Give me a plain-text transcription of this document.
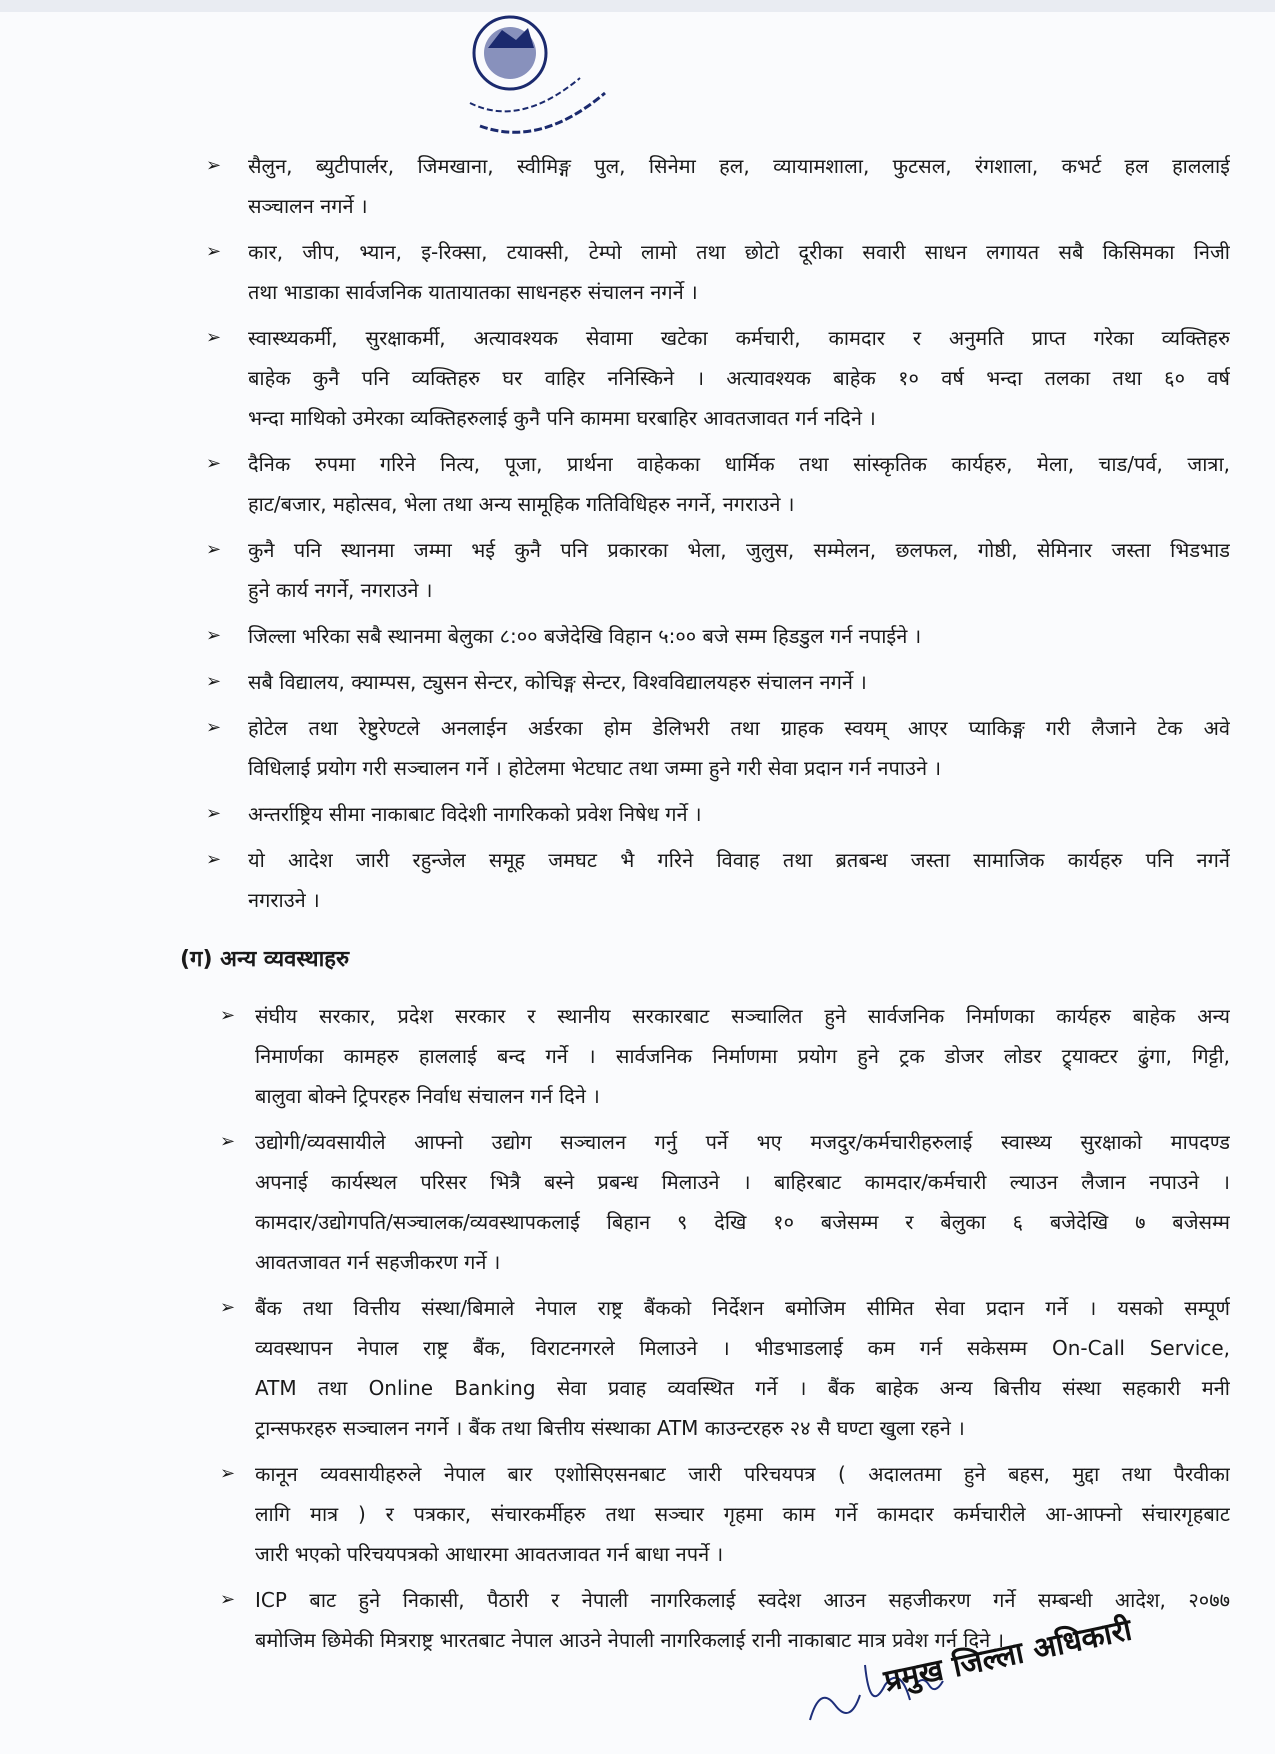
➢ सैलुन, ब्युटीपार्लर, जिमखाना, स्वीमिङ्ग पुल, सिनेमा हल, व्यायामशाला, फुटसल, रंगशाला, कभर्ट हल हाललाई
सञ्चालन नगर्ने ।
➢ कार, जीप, भ्यान, इ-रिक्सा, टयाक्सी, टेम्पो लामो तथा छोटो दूरीका सवारी साधन लगायत सबै किसिमका निजी
तथा भाडाका सार्वजनिक यातायातका साधनहरु संचालन नगर्ने ।
➢ स्वास्थ्यकर्मी, सुरक्षाकर्मी, अत्यावश्यक सेवामा खटेका कर्मचारी, कामदार र अनुमति प्राप्त गरेका व्यक्तिहरु
बाहेक कुनै पनि व्यक्तिहरु घर वाहिर ननिस्किने । अत्यावश्यक बाहेक १० वर्ष भन्दा तलका तथा ६० वर्ष
भन्दा माथिको उमेरका व्यक्तिहरुलाई कुनै पनि काममा घरबाहिर आवतजावत गर्न नदिने ।
➢ दैनिक रुपमा गरिने नित्य, पूजा, प्रार्थना वाहेकका धार्मिक तथा सांस्कृतिक कार्यहरु, मेला, चाड/पर्व, जात्रा,
हाट/बजार, महोत्सव, भेला तथा अन्य सामूहिक गतिविधिहरु नगर्ने, नगराउने ।
➢ कुनै पनि स्थानमा जम्मा भई कुनै पनि प्रकारका भेला, जुलुस, सम्मेलन, छलफल, गोष्ठी, सेमिनार जस्ता भिडभाड
हुने कार्य नगर्ने, नगराउने ।
➢ जिल्ला भरिका सबै स्थानमा बेलुका ८:०० बजेदेखि विहान ५:०० बजे सम्म हिडडुल गर्न नपाईने ।
➢ सबै विद्यालय, क्याम्पस, ट्युसन सेन्टर, कोचिङ्ग सेन्टर, विश्वविद्यालयहरु संचालन नगर्ने ।
➢ होटेल तथा रेष्टुरेण्टले अनलाईन अर्डरका होम डेलिभरी तथा ग्राहक स्वयम् आएर प्याकिङ्ग गरी लैजाने टेक अवे
विधिलाई प्रयोग गरी सञ्चालन गर्ने । होटेलमा भेटघाट तथा जम्मा हुने गरी सेवा प्रदान गर्न नपाउने ।
➢ अन्तर्राष्ट्रिय सीमा नाकाबाट विदेशी नागरिकको प्रवेश निषेध गर्ने ।
➢ यो आदेश जारी रहुन्जेल समूह जमघट भै गरिने विवाह तथा ब्रतबन्ध जस्ता सामाजिक कार्यहरु पनि नगर्ने
नगराउने ।
(ग) अन्य व्यवस्थाहरु
➢ संघीय सरकार, प्रदेश सरकार र स्थानीय सरकारबाट सञ्चालित हुने सार्वजनिक निर्माणका कार्यहरु बाहेक अन्य
निमार्णका कामहरु हाललाई बन्द गर्ने । सार्वजनिक निर्माणमा प्रयोग हुने ट्रक डोजर लोडर ट्र्याक्टर ढुंगा, गिट्टी,
बालुवा बोक्ने ट्रिपरहरु निर्वाध संचालन गर्न दिने ।
➢ उद्योगी/व्यवसायीले आफ्नो उद्योग सञ्चालन गर्नु पर्ने भए मजदुर/कर्मचारीहरुलाई स्वास्थ्य सुरक्षाको मापदण्ड
अपनाई कार्यस्थल परिसर भित्रै बस्ने प्रबन्ध मिलाउने । बाहिरबाट कामदार/कर्मचारी ल्याउन लैजान नपाउने ।
कामदार/उद्योगपति/सञ्चालक/व्यवस्थापकलाई बिहान ९ देखि १० बजेसम्म र बेलुका ६ बजेदेखि ७ बजेसम्म
आवतजावत गर्न सहजीकरण गर्ने ।
➢ बैंक तथा वित्तीय संस्था/बिमाले नेपाल राष्ट्र बैंकको निर्देशन बमोजिम सीमित सेवा प्रदान गर्ने । यसको सम्पूर्ण
व्यवस्थापन नेपाल राष्ट्र बैंक, विराटनगरले मिलाउने । भीडभाडलाई कम गर्न सकेसम्म On-Call Service,
ATM तथा Online Banking सेवा प्रवाह व्यवस्थित गर्ने । बैंक बाहेक अन्य बित्तीय संस्था सहकारी मनी
ट्रान्सफरहरु सञ्चालन नगर्ने । बैंक तथा बित्तीय संस्थाका ATM काउन्टरहरु २४ सै घण्टा खुला रहने ।
➢ कानून व्यवसायीहरुले नेपाल बार एशोसिएसनबाट जारी परिचयपत्र ( अदालतमा हुने बहस, मुद्दा तथा पैरवीका
लागि मात्र ) र पत्रकार, संचारकर्मीहरु तथा सञ्चार गृहमा काम गर्ने कामदार कर्मचारीले आ-आफ्नो संचारगृहबाट
जारी भएको परिचयपत्रको आधारमा आवतजावत गर्न बाधा नपर्ने ।
➢ ICP बाट हुने निकासी, पैठारी र नेपाली नागरिकलाई स्वदेश आउन सहजीकरण गर्ने सम्बन्धी आदेश, २०७७
बमोजिम छिमेकी मित्रराष्ट्र भारतबाट नेपाल आउने नेपाली नागरिकलाई रानी नाकाबाट मात्र प्रवेश गर्न दिने ।
प्रमुख जिल्ला अधिकारी
